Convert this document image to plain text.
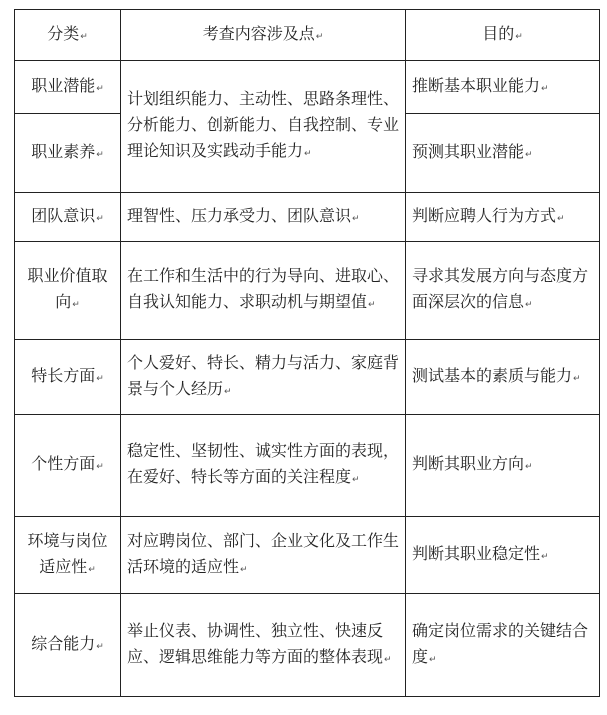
分类 ↵	考查内容涉及点 ↵	目的 ↵
职业潜能 ↵	计划组织能力、主动性、思路条理性、分析能力、创新能力、自我控制、专业理论知识及实践动手能力 ↵	推断基本职业能力 ↵
职业素养 ↵		预测其职业潜能 ↵
团队意识 ↵	理智性、压力承受力、团队意识 ↵	判断应聘人行为方式 ↵
职业价值取向 ↵	在工作和生活中的行为导向、进取心、自我认知能力、求职动机与期望值 ↵	寻求其发展方向与态度方面深层次的信息 ↵
特长方面 ↵	个人爱好、特长、精力与活力、家庭背景与个人经历 ↵	测试基本的素质与能力 ↵
个性方面 ↵	稳定性、坚韧性、诚实性方面的表现，在爱好、特长等方面的关注程度 ↵	判断其职业方向 ↵
环境与岗位适应性 ↵	对应聘岗位、部门、企业文化及工作生活环境的适应性 ↵	判断其职业稳定性 ↵
综合能力 ↵	举止仪表、协调性、独立性、快速反应、逻辑思维能力等方面的整体表现 ↵	确定岗位需求的关键结合度 ↵
